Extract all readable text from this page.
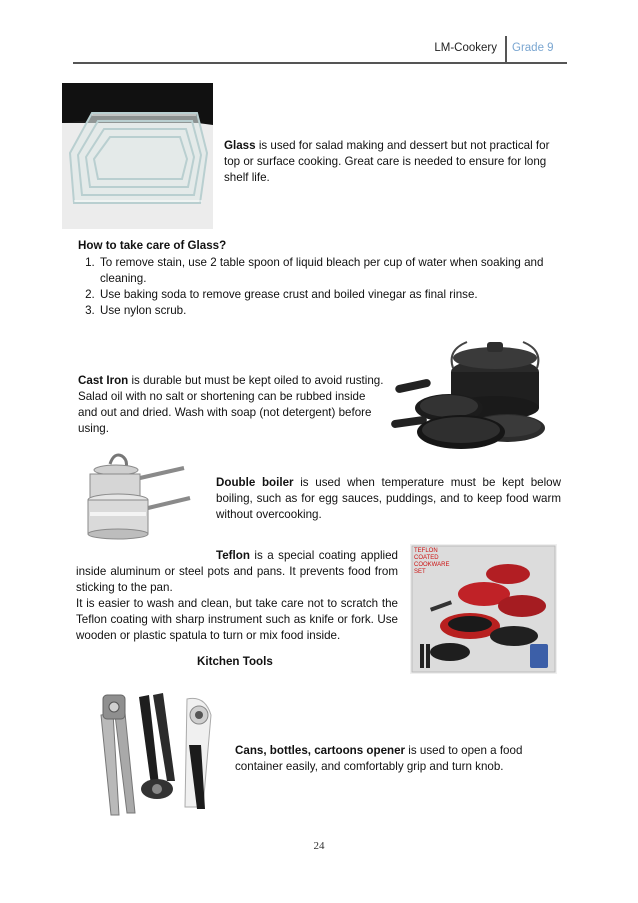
LM-Cookery Grade 9
Glass is used for salad making and dessert but not practical for top or surface cooking. Great care is needed to ensure for long shelf life.

How to take care of Glass?

1. To remove stain, use 2 table spoon of liquid bleach per cup of water when soaking and cleaning.
2. Use baking soda to remove grease crust and boiled vinegar as final rinse.
3. Use nylon scrub.
Cast Iron is durable but must be kept oiled to avoid rusting. Salad oil with no salt or shortening can be rubbed inside and out and dried. Wash with soap (not detergent) before using.
Double boiler is used when temperature must be kept below boiling, such as for egg sauces, puddings, and to keep food warm without overcooking.
Teflon is a special coating applied inside aluminum or steel pots and pans. It prevents food from sticking to the pan.
It is easier to wash and clean, but take care not to scratch the Teflon coating with sharp instrument such as knife or fork. Use wooden or plastic spatula to turn or mix food inside.
TEFLON COATED COOKWARE SET
Kitchen Tools
Cans, bottles, cartoons opener is used to open a food container easily, and comfortably grip and turn knob.
24
